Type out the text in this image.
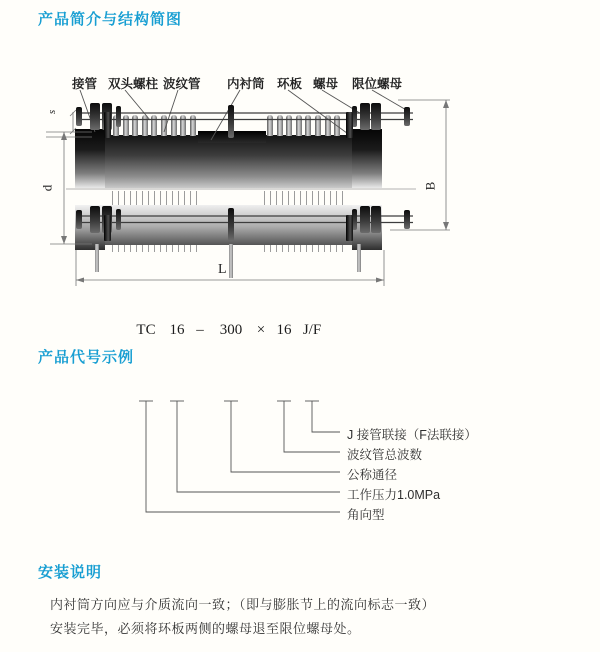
产品简介与结构简图
产品代号示例
安装说明
接管 双头螺柱 波纹管 内衬筒 环板 螺母 限位螺母
s
d	B
L
TC 16 – 300 × 16 J/F
J 接管联接（F法联接）
波纹管总波数
公称通径
工作压力1.0MPa
角向型
内衬筒方向应与介质流向一致；（即与膨胀节上的流向标志一致）
安装完毕，必须将环板两侧的螺母退至限位螺母处。
